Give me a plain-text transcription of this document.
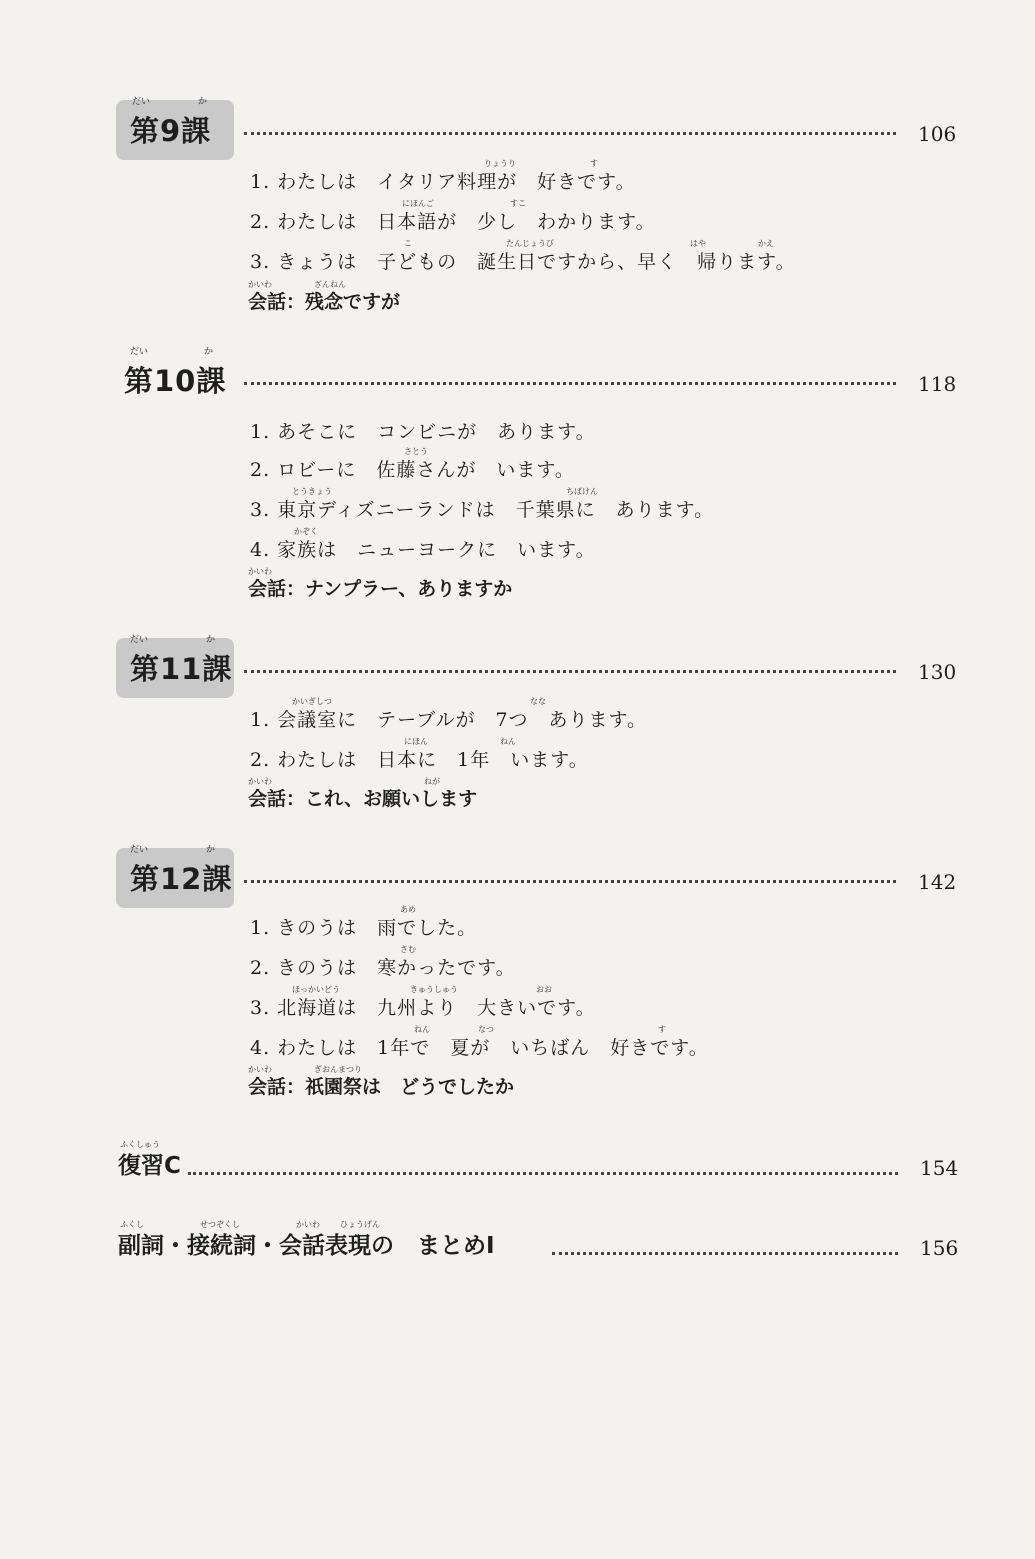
だい	か
第9課	106
りょうり	す
1. わたしは　イタリア料理が　好きです。
にほんご	すこ
2. わたしは　日本語が　少し　わかります。
こ	たんじょうび	はや	かえ
3. きょうは　子どもの　誕生日ですから、早く　帰ります。
かいわ	ざんねん
会話：残念ですが
だい	か
第10課	118
1. あそこに　コンビニが　あります。
さとう
2. ロビーに　佐藤さんが　います。
とうきょう	ちばけん
3. 東京ディズニーランドは　千葉県に　あります。
かぞく
4. 家族は　ニューヨークに　います。
かいわ
会話：ナンプラー、ありますか
だい	か
第11課	130
かいぎしつ	なな
1. 会議室に　テーブルが　7つ　あります。
にほん	ねん
2. わたしは　日本に　1年　います。
かいわ	ねが
会話：これ、お願いします
だい	か
第12課	142
あめ
1. きのうは　雨でした。
さむ
2. きのうは　寒かったです。
ほっかいどう	きゅうしゅう	おお
3. 北海道は　九州より　大きいです。
ねん	なつ	す
4. わたしは　1年で　夏が　いちばん　好きです。
かいわ	ぎおんまつり
会話：祇園祭は　どうでしたか
ふくしゅう
復習C	154
ふくし	せつぞくし	かいわ	ひょうげん
副詞・接続詞・会話表現の　まとめⅠ	156
